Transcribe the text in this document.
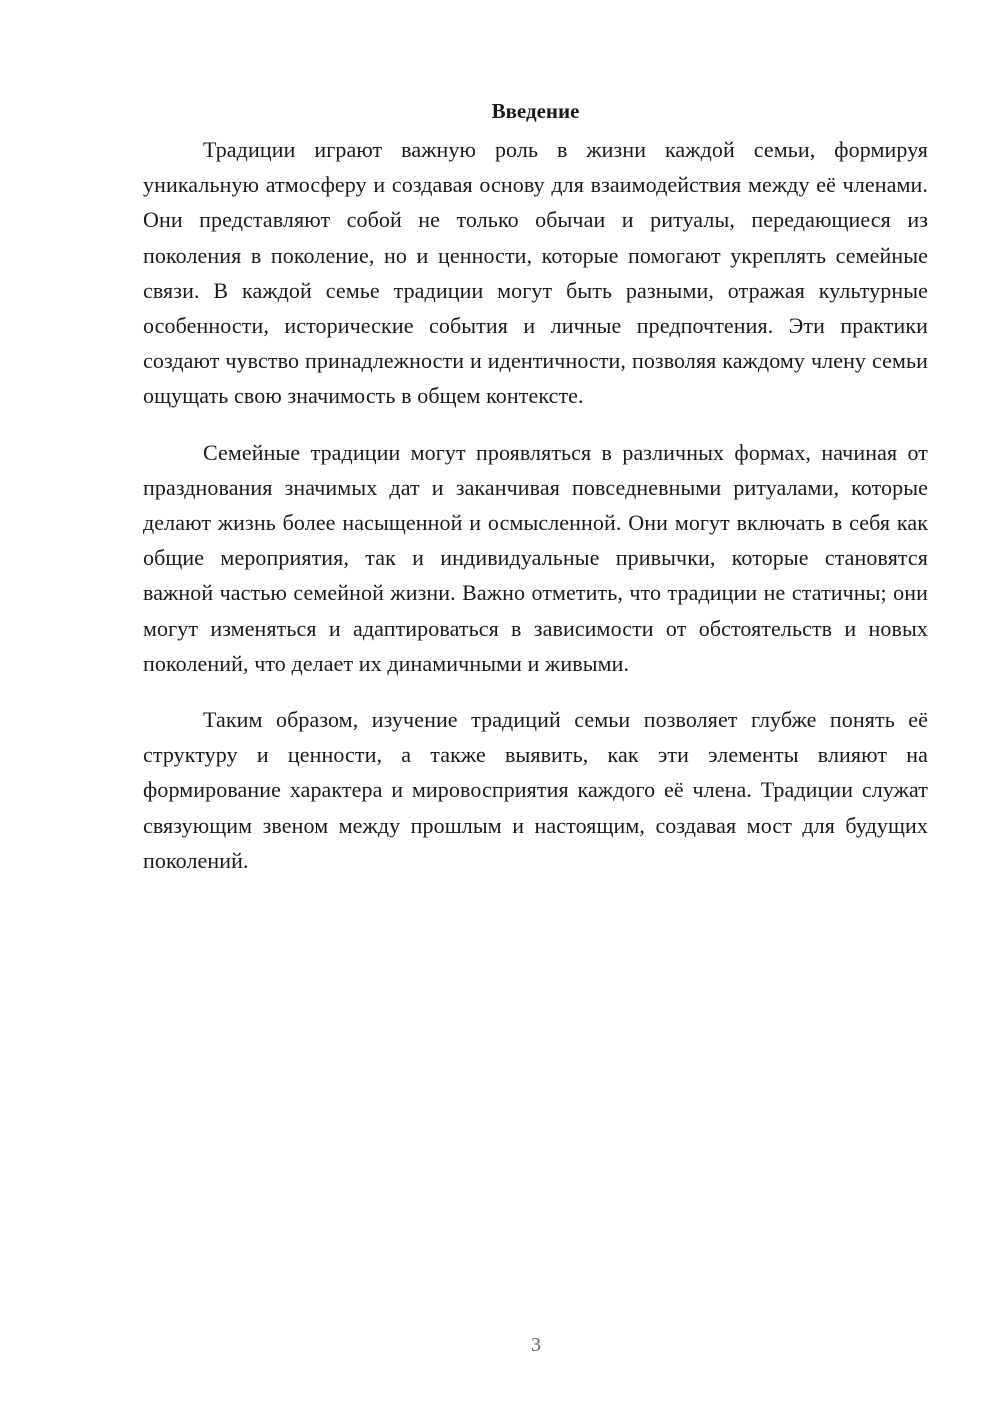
Введение

Традиции играют важную роль в жизни каждой семьи, формируя уникальную атмосферу и создавая основу для взаимодействия между её членами. Они представляют собой не только обычаи и ритуалы, передающиеся из поколения в поколение, но и ценности, которые помогают укреплять семейные связи. В каждой семье традиции могут быть разными, отражая культурные особенности, исторические события и личные предпочтения. Эти практики создают чувство принадлежности и идентичности, позволяя каждому члену семьи ощущать свою значимость в общем контексте.

Семейные традиции могут проявляться в различных формах, начиная от празднования значимых дат и заканчивая повседневными ритуалами, которые делают жизнь более насыщенной и осмысленной. Они могут включать в себя как общие мероприятия, так и индивидуальные привычки, которые становятся важной частью семейной жизни. Важно отметить, что традиции не статичны; они могут изменяться и адаптироваться в зависимости от обстоятельств и новых поколений, что делает их динамичными и живыми.

Таким образом, изучение традиций семьи позволяет глубже понять её структуру и ценности, а также выявить, как эти элементы влияют на формирование характера и мировосприятия каждого её члена. Традиции служат связующим звеном между прошлым и настоящим, создавая мост для будущих поколений.

3
